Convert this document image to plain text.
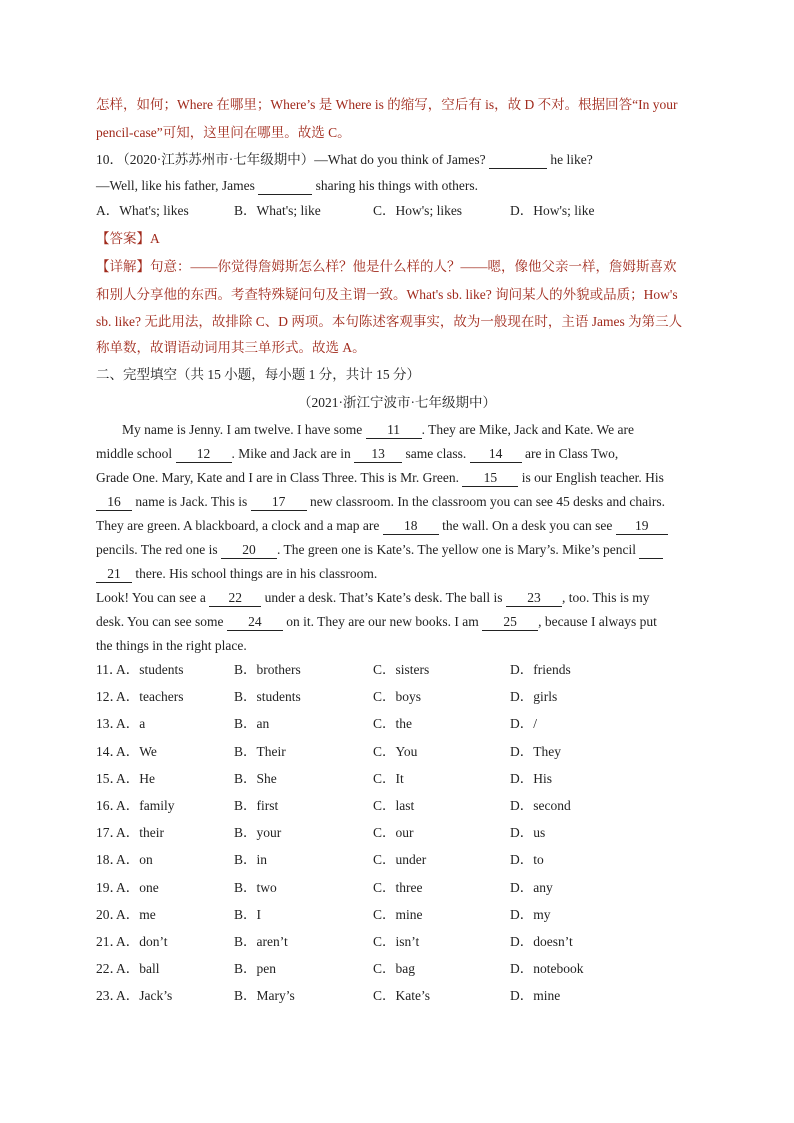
怎样，如何；Where 在哪里；Where’s 是 Where is 的缩写，空后有 is，故 D 不对。根据回答“In your
pencil-case”可知，这里问在哪里。故选 C。
10．（2020·江苏苏州市·七年级期中）—What do you think of James?	he like?
—Well, like his father, James	sharing his things with others.
A．What's; likes	B．What's; like	C．How's; likes	D．How's; like
【答案】A
【详解】句意：——你觉得詹姆斯怎么样？他是什么样的人？——嗯，像他父亲一样，詹姆斯喜欢
和别人分享他的东西。考查特殊疑问句及主谓一致。What's sb. like? 询问某人的外貌或品质；How's
sb. like? 无此用法，故排除 C、D 两项。本句陈述客观事实，故为一般现在时，主语 James 为第三人
称单数，故谓语动词用其三单形式。故选 A。
二、完型填空（共 15 小题，每小题 1 分，共计 15 分）
（2021·浙江宁波市·七年级期中）
My name is Jenny. I am twelve. I have some 11 . They are Mike, Jack and Kate. We are
middle school 12 . Mike and Jack are in 13 same class. 14 are in Class Two,
Grade One. Mary, Kate and I are in Class Three. This is Mr. Green. 15 is our English teacher. His
16 name is Jack. This is 17 new classroom. In the classroom you can see 45 desks and chairs.
They are green. A blackboard, a clock and a map are 18 the wall. On a desk you can see 19
pencils. The red one is 20 . The green one is Kate’s. The yellow one is Mary’s. Mike’s pencil
21 there. His school things are in his classroom.
Look! You can see a 22 under a desk. That’s Kate’s desk. The ball is 23 , too. This is my
desk. You can see some 24 on it. They are our new books. I am 25 , because I always put
the things in the right place.
11．
A．students	B．brothers	C．sisters	D．friends
12．
A．teachers	B．students	C．boys	D．girls
13．
A．a	B．an	C．the	D．/
14．
A．We	B．Their	C．You	D．They
15．
A．He	B．She	C．It	D．His
16．
A．family	B．first	C．last	D．second
17．
A．their	B．your	C．our	D．us
18．
A．on	B．in	C．under	D．to
19．
A．one	B．two	C．three	D．any
20．
A．me	B．I	C．mine	D．my
21．
A．don’t	B．aren’t	C．isn’t	D．doesn’t
22．
A．ball	B．pen	C．bag	D．notebook
23．
A．Jack’s	B．Mary’s	C．Kate’s	D．mine
